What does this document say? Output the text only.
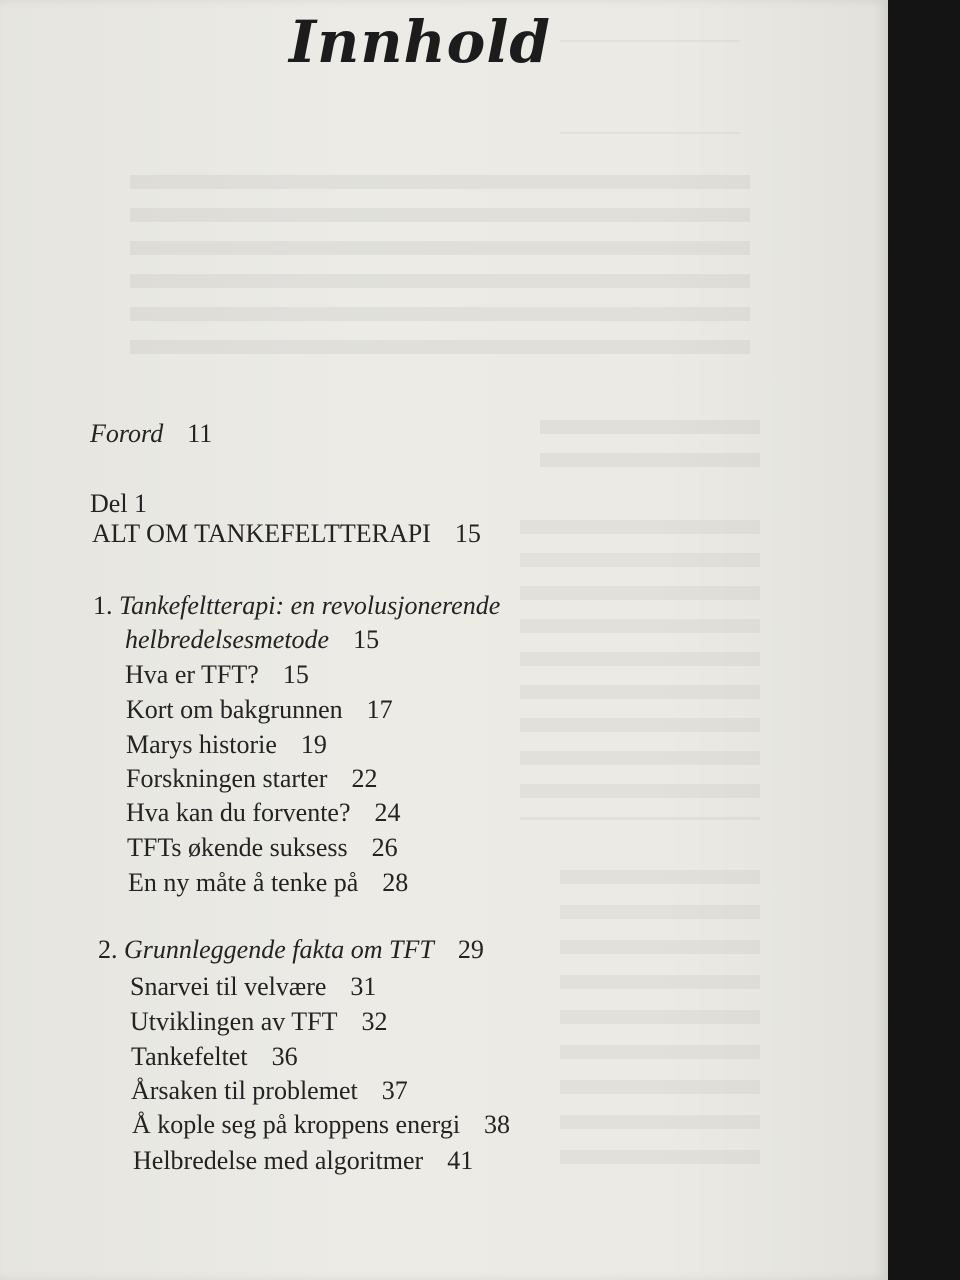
Innhold
Forord 11
Del 1
ALT OM TANKEFELTTERAPI 15
1. Tankefeltterapi: en revolusjonerende
helbredelsesmetode 15
Hva er TFT? 15
Kort om bakgrunnen 17
Marys historie 19
Forskningen starter 22
Hva kan du forvente? 24
TFTs økende suksess 26
En ny måte å tenke på 28
2. Grunnleggende fakta om TFT 29
Snarvei til velvære 31
Utviklingen av TFT 32
Tankefeltet 36
Årsaken til problemet 37
Å kople seg på kroppens energi 38
Helbredelse med algoritmer 41
